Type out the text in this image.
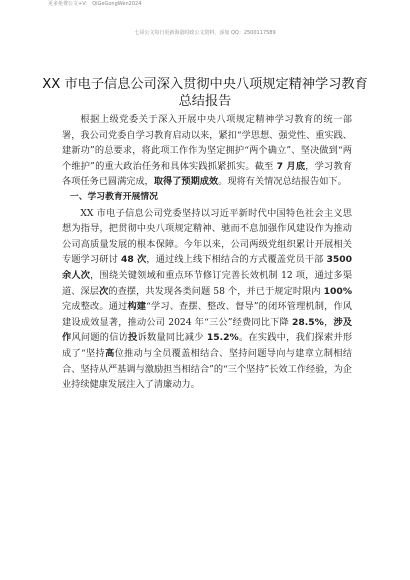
更多免费公文+V： QiGeGongWen2024
七哥公文每日更新海量时政公文资料，添加 QQ：2500117589
XX 市电子信息公司深入贯彻中央八项规定精神学习教育总结报告

根据上级党委关于深入开展中央八项规定精神学习教育的统一部署，我公司党委自学习教育启动以来，紧扣“学思想、强党性、重实践、建新功”的总要求，将此项工作作为坚定拥护“两个确立”、坚决做到“两个维护”的重大政治任务和具体实践抓紧抓实。截至 7 月底，学习教育各项任务已圆满完成，取得了预期成效。现将有关情况总结报告如下。

一、学习教育开展情况

XX 市电子信息公司党委坚持以习近平新时代中国特色社会主义思想为指导，把贯彻中央八项规定精神、驰而不息加强作风建设作为推动公司高质量发展的根本保障。今年以来，公司两级党组织累计开展相关专题学习研讨 48 次，通过线上线下相结合的方式覆盖党员干部 3500 余人次，围绕关键领域和重点环节修订完善长效机制 12 项，通过多渠道、深层次的查摆，共发现各类问题 58 个，并已于规定时限内 100%完成整改。通过构建“学习、查摆、整改、督导”的闭环管理机制，作风建设成效显著，推动公司 2024 年“三公”经费同比下降 28.5%，涉及作风问题的信访投诉数量同比减少 15.2%。在实践中，我们探索并形成了“坚持高位推动与全员覆盖相结合、坚持问题导向与建章立制相结合、坚持从严基调与激励担当相结合”的“三个坚持”长效工作经验，为企业持续健康发展注入了清廉动力。
